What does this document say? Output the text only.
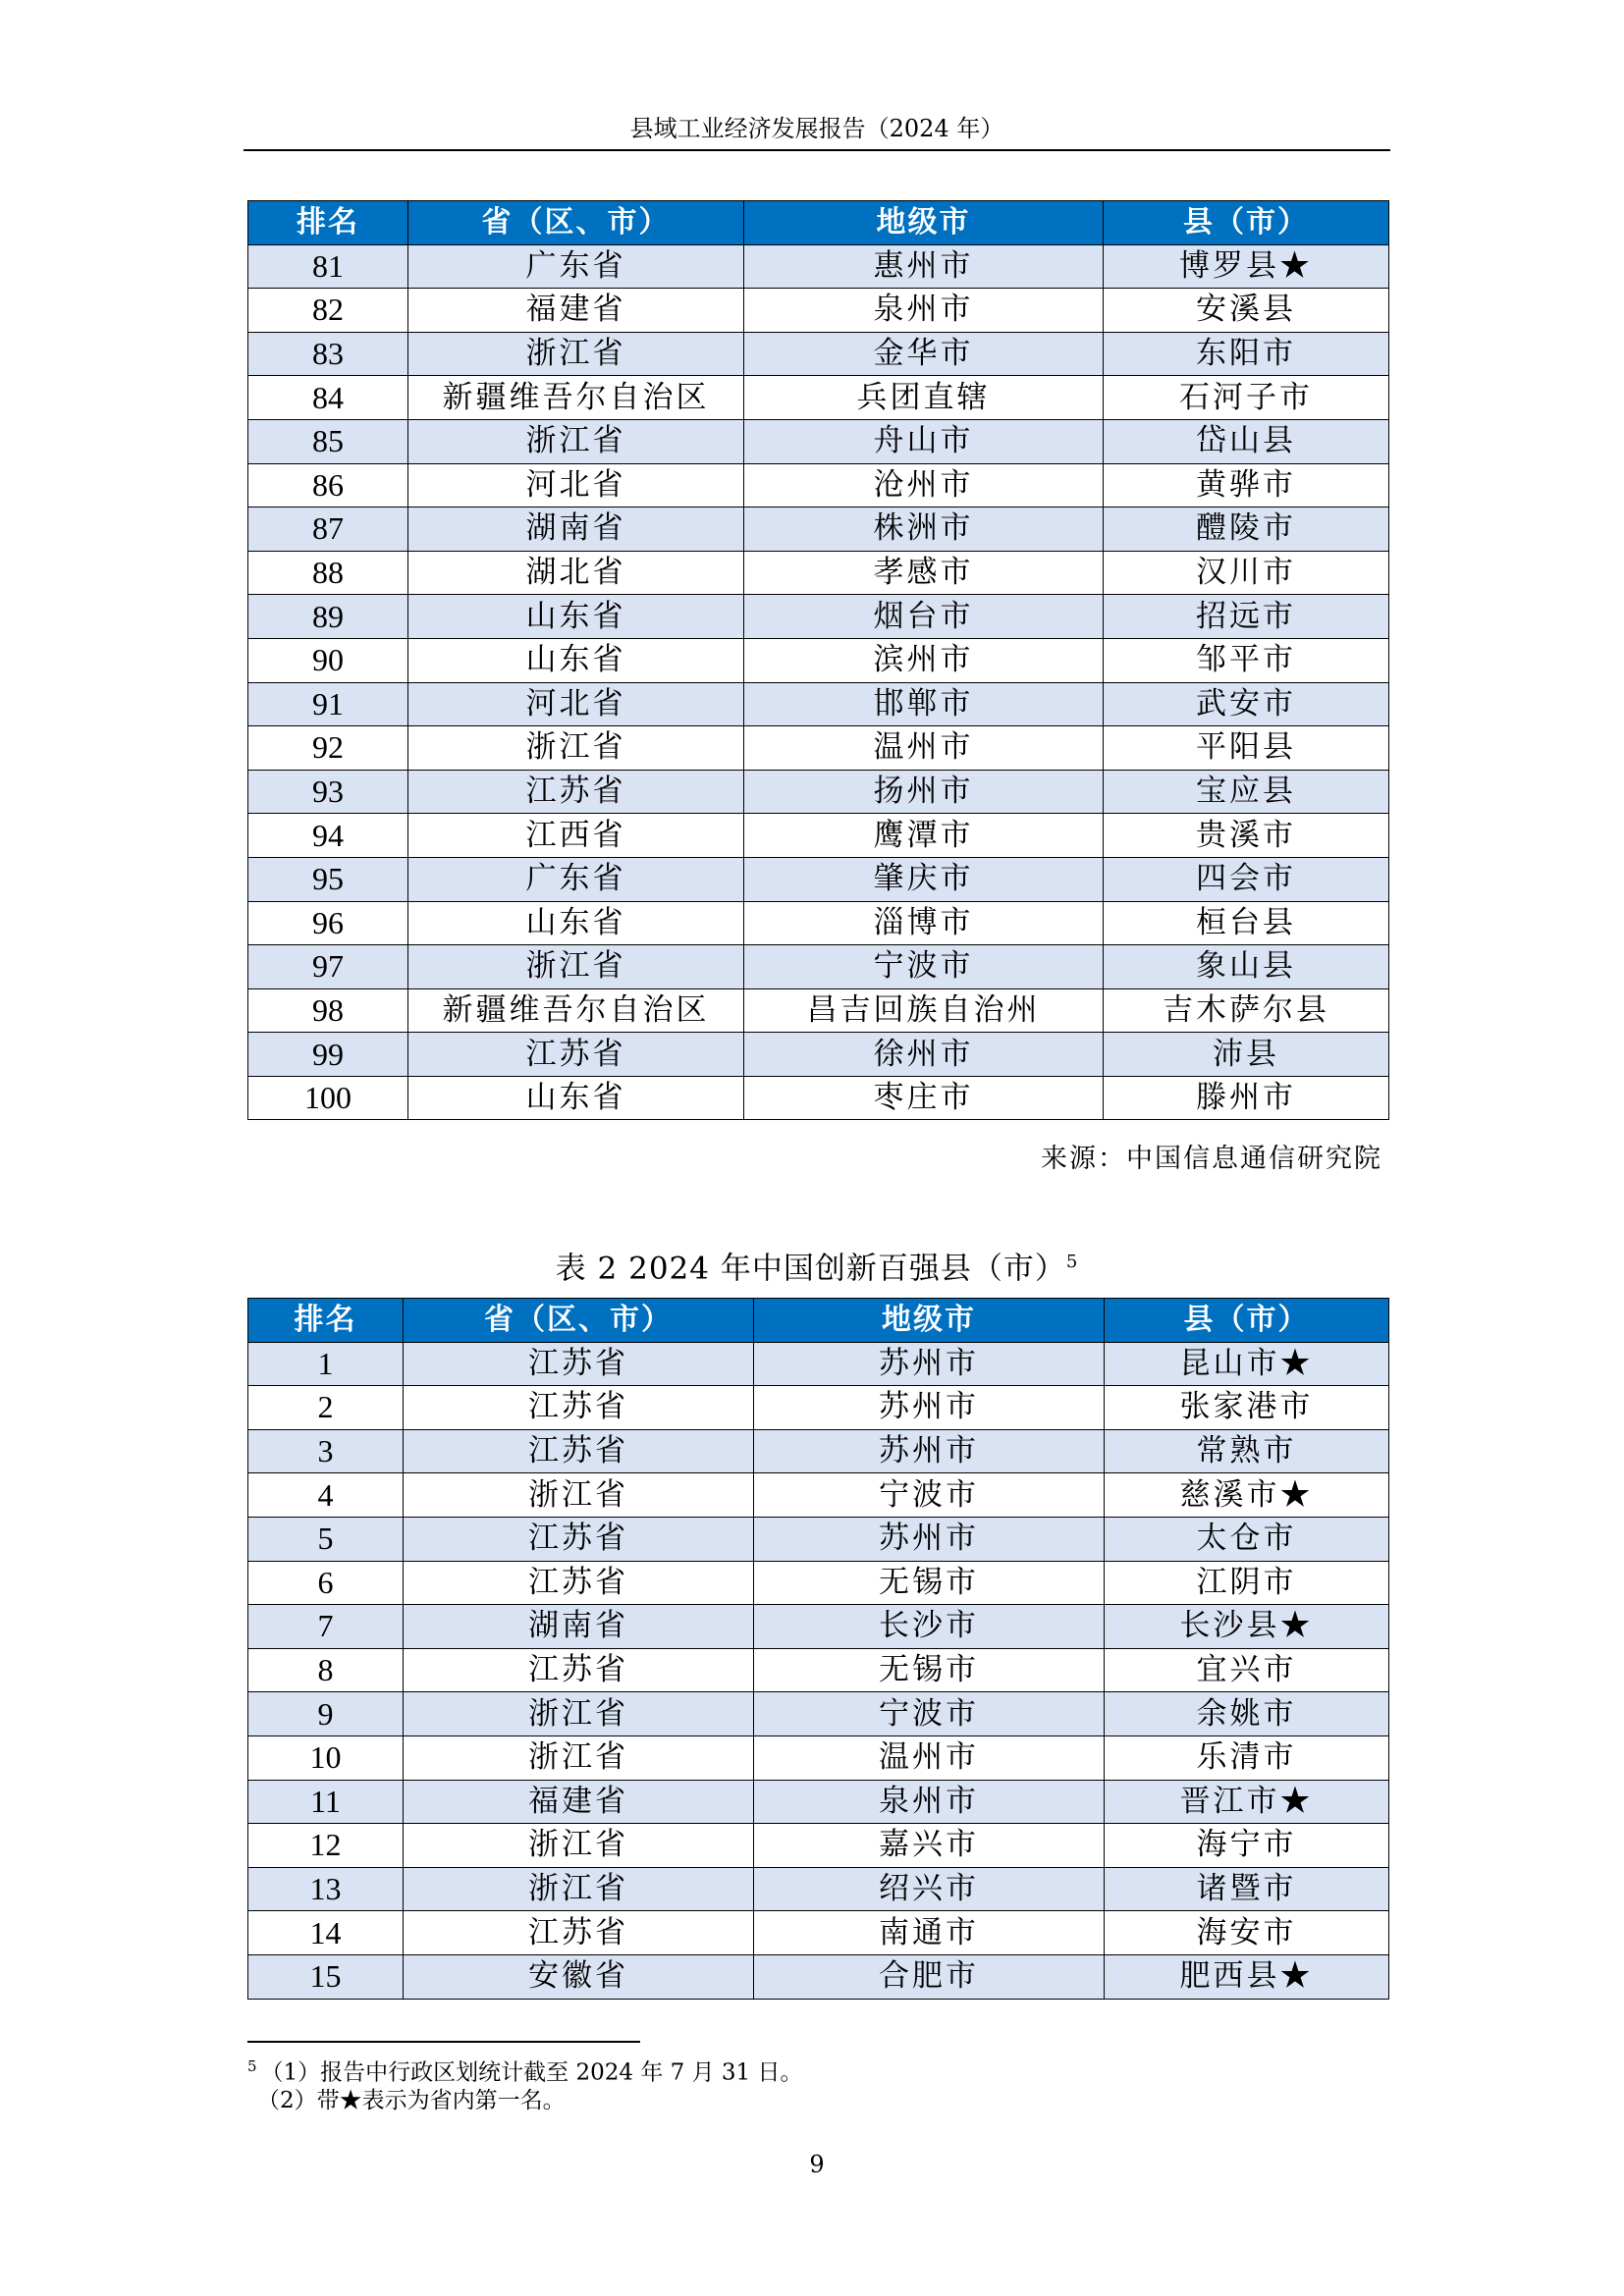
县域工业经济发展报告（2024 年）
排名	省（区、市）	地级市	县（市）
81	广东省	惠州市	博罗县★
82	福建省	泉州市	安溪县
83	浙江省	金华市	东阳市
84	新疆维吾尔自治区	兵团直辖	石河子市
85	浙江省	舟山市	岱山县
86	河北省	沧州市	黄骅市
87	湖南省	株洲市	醴陵市
88	湖北省	孝感市	汉川市
89	山东省	烟台市	招远市
90	山东省	滨州市	邹平市
91	河北省	邯郸市	武安市
92	浙江省	温州市	平阳县
93	江苏省	扬州市	宝应县
94	江西省	鹰潭市	贵溪市
95	广东省	肇庆市	四会市
96	山东省	淄博市	桓台县
97	浙江省	宁波市	象山县
98	新疆维吾尔自治区	昌吉回族自治州	吉木萨尔县
99	江苏省	徐州市	沛县
100	山东省	枣庄市	滕州市
来源：中国信息通信研究院
表 2 2024 年中国创新百强县（市）$^5$
排名	省（区、市）	地级市	县（市）
1	江苏省	苏州市	昆山市★
2	江苏省	苏州市	张家港市
3	江苏省	苏州市	常熟市
4	浙江省	宁波市	慈溪市★
5	江苏省	苏州市	太仓市
6	江苏省	无锡市	江阴市
7	湖南省	长沙市	长沙县★
8	江苏省	无锡市	宜兴市
9	浙江省	宁波市	余姚市
10	浙江省	温州市	乐清市
11	福建省	泉州市	晋江市★
12	浙江省	嘉兴市	海宁市
13	浙江省	绍兴市	诸暨市
14	江苏省	南通市	海安市
15	安徽省	合肥市	肥西县★
$^5$ （1）报告中行政区划统计截至 2024 年 7 月 31 日。
（2）带★表示为省内第一名。
9
